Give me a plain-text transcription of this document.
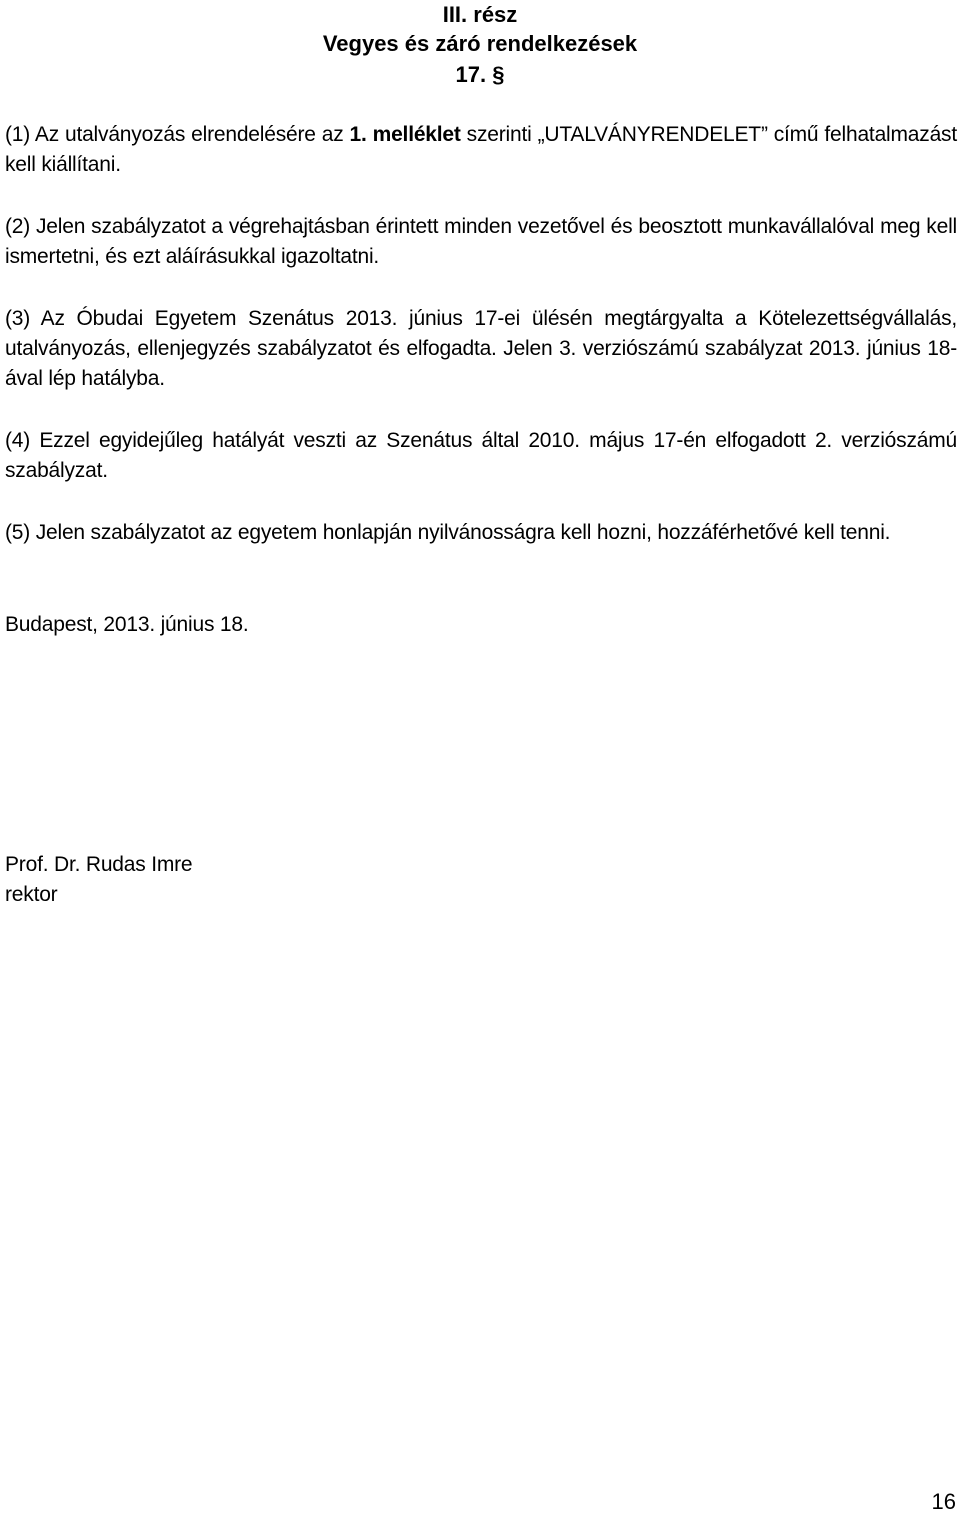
III. rész
Vegyes és záró rendelkezések
17. §
(1) Az utalványozás elrendelésére az 1. melléklet szerinti „UTALVÁNYRENDELET” című felhatalmazást kell kiállítani.
(2) Jelen szabályzatot a végrehajtásban érintett minden vezetővel és beosztott munkavállalóval meg kell ismertetni, és ezt aláírásukkal igazoltatni.
(3) Az Óbudai Egyetem Szenátus 2013. június 17-ei ülésén megtárgyalta a Kötelezettségvállalás, utalványozás, ellenjegyzés szabályzatot és elfogadta. Jelen 3. verziószámú szabályzat 2013. június 18-ával lép hatályba.
(4) Ezzel egyidejűleg hatályát veszti az Szenátus által 2010. május 17-én elfogadott 2. verziószámú szabályzat.
(5) Jelen szabályzatot az egyetem honlapján nyilvánosságra kell hozni, hozzáférhetővé kell tenni.
Budapest, 2013. június 18.
Prof. Dr. Rudas Imre
rektor
16
